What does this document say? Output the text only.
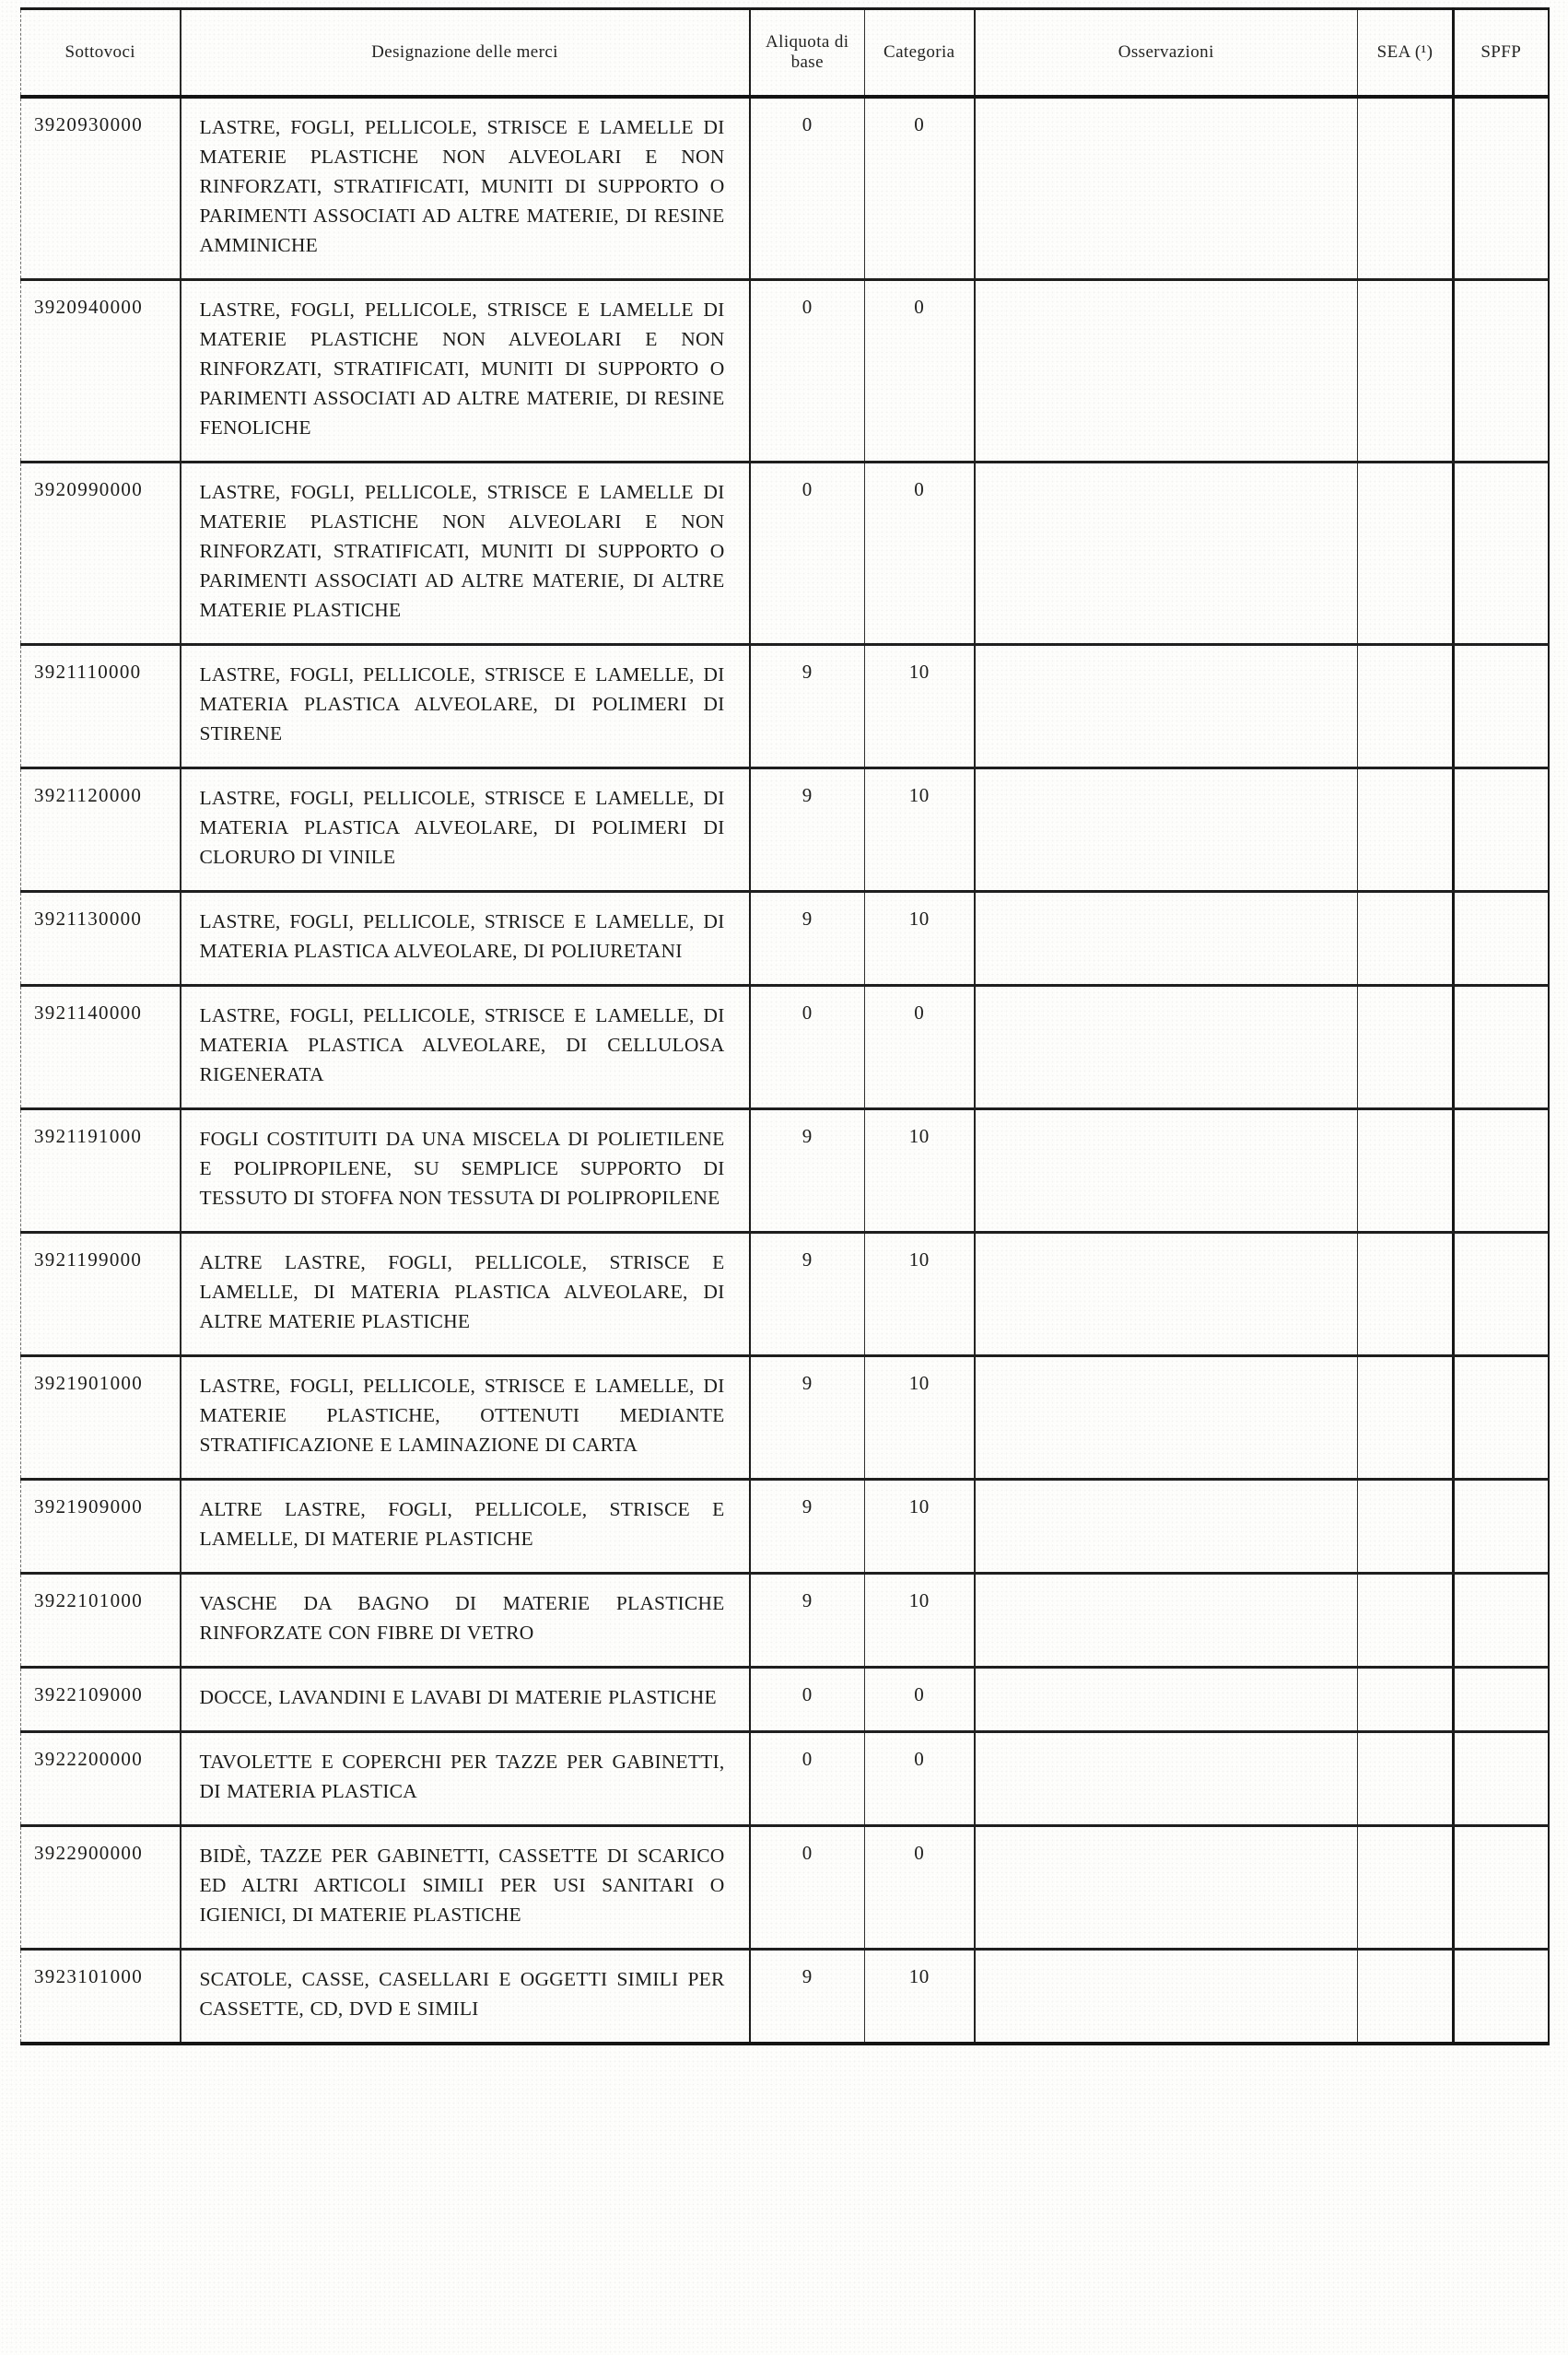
Sottovoci	Designazione delle merci	Aliquota di base	Categoria	Osservazioni	SEA (¹)	SPFP
3920930000	LASTRE, FOGLI, PELLICOLE, STRISCE E LAMELLE DI MATERIE PLASTICHE NON ALVEOLARI E NON RINFORZATI, STRATIFICATI, MUNITI DI SUPPORTO O PARIMENTI ASSOCIATI AD ALTRE MATERIE, DI RESINE AMMINICHE	0	0			
3920940000	LASTRE, FOGLI, PELLICOLE, STRISCE E LAMELLE DI MATERIE PLASTICHE NON ALVEOLARI E NON RINFORZATI, STRATIFICATI, MUNITI DI SUPPORTO O PARIMENTI ASSOCIATI AD ALTRE MATERIE, DI RESINE FENOLICHE	0	0			
3920990000	LASTRE, FOGLI, PELLICOLE, STRISCE E LAMELLE DI MATERIE PLASTICHE NON ALVEOLARI E NON RINFORZATI, STRATIFICATI, MUNITI DI SUPPORTO O PARIMENTI ASSOCIATI AD ALTRE MATERIE, DI ALTRE MATERIE PLASTICHE	0	0			
3921110000	LASTRE, FOGLI, PELLICOLE, STRISCE E LAMELLE, DI MATERIA PLASTICA ALVEOLARE, DI POLIMERI DI STIRENE	9	10			
3921120000	LASTRE, FOGLI, PELLICOLE, STRISCE E LAMELLE, DI MATERIA PLASTICA ALVEOLARE, DI POLIMERI DI CLORURO DI VINILE	9	10			
3921130000	LASTRE, FOGLI, PELLICOLE, STRISCE E LAMELLE, DI MATERIA PLASTICA ALVEOLARE, DI POLIURETANI	9	10			
3921140000	LASTRE, FOGLI, PELLICOLE, STRISCE E LAMELLE, DI MATERIA PLASTICA ALVEOLARE, DI CELLULOSA RIGENERATA	0	0			
3921191000	FOGLI COSTITUITI DA UNA MISCELA DI POLIETILENE E POLIPROPILENE, SU SEMPLICE SUPPORTO DI TESSUTO DI STOFFA NON TESSUTA DI POLIPROPILENE	9	10			
3921199000	ALTRE LASTRE, FOGLI, PELLICOLE, STRISCE E LAMELLE, DI MATERIA PLASTICA ALVEOLARE, DI ALTRE MATERIE PLASTICHE	9	10			
3921901000	LASTRE, FOGLI, PELLICOLE, STRISCE E LAMELLE, DI MATERIE PLASTICHE, OTTENUTI MEDIANTE STRATIFICAZIONE E LAMINAZIONE DI CARTA	9	10			
3921909000	ALTRE LASTRE, FOGLI, PELLICOLE, STRISCE E LAMELLE, DI MATERIE PLASTICHE	9	10			
3922101000	VASCHE DA BAGNO DI MATERIE PLASTICHE RINFORZATE CON FIBRE DI VETRO	9	10			
3922109000	DOCCE, LAVANDINI E LAVABI DI MATERIE PLASTICHE	0	0			
3922200000	TAVOLETTE E COPERCHI PER TAZZE PER GABINETTI, DI MATERIA PLASTICA	0	0			
3922900000	BIDÈ, TAZZE PER GABINETTI, CASSETTE DI SCARICO ED ALTRI ARTICOLI SIMILI PER USI SANITARI O IGIENICI, DI MATERIE PLASTICHE	0	0			
3923101000	SCATOLE, CASSE, CASELLARI E OGGETTI SIMILI PER CASSETTE, CD, DVD E SIMILI	9	10			
